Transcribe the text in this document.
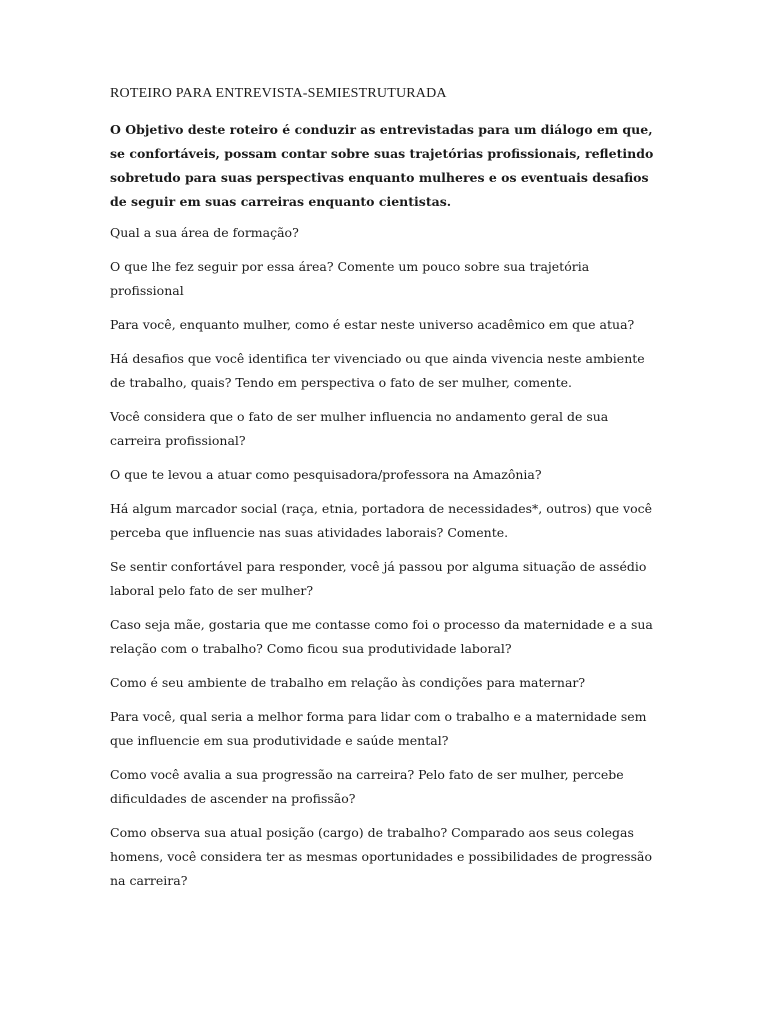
ROTEIRO PARA ENTREVISTA-SEMIESTRUTURADA

O Objetivo deste roteiro é conduzir as entrevistadas para um diálogo em que, se confortáveis, possam contar sobre suas trajetórias profissionais, refletindo sobretudo para suas perspectivas enquanto mulheres e os eventuais desafios de seguir em suas carreiras enquanto cientistas.

Qual a sua área de formação?

O que lhe fez seguir por essa área? Comente um pouco sobre sua trajetória profissional

Para você, enquanto mulher, como é estar neste universo acadêmico em que atua?

Há desafios que você identifica ter vivenciado ou que ainda vivencia neste ambiente de trabalho, quais? Tendo em perspectiva o fato de ser mulher, comente.

Você considera que o fato de ser mulher influencia no andamento geral de sua carreira profissional?

O que te levou a atuar como pesquisadora/professora na Amazônia?

Há algum marcador social (raça, etnia, portadora de necessidades*, outros) que você perceba que influencie nas suas atividades laborais? Comente.

Se sentir confortável para responder, você já passou por alguma situação de assédio laboral pelo fato de ser mulher?

Caso seja mãe, gostaria que me contasse como foi o processo da maternidade e a sua relação com o trabalho? Como ficou sua produtividade laboral?

Como é seu ambiente de trabalho em relação às condições para maternar?

Para você, qual seria a melhor forma para lidar com o trabalho e a maternidade sem que influencie em sua produtividade e saúde mental?

Como você avalia a sua progressão na carreira? Pelo fato de ser mulher, percebe dificuldades de ascender na profissão?

Como observa sua atual posição (cargo) de trabalho? Comparado aos seus colegas homens, você considera ter as mesmas oportunidades e possibilidades de progressão na carreira?
